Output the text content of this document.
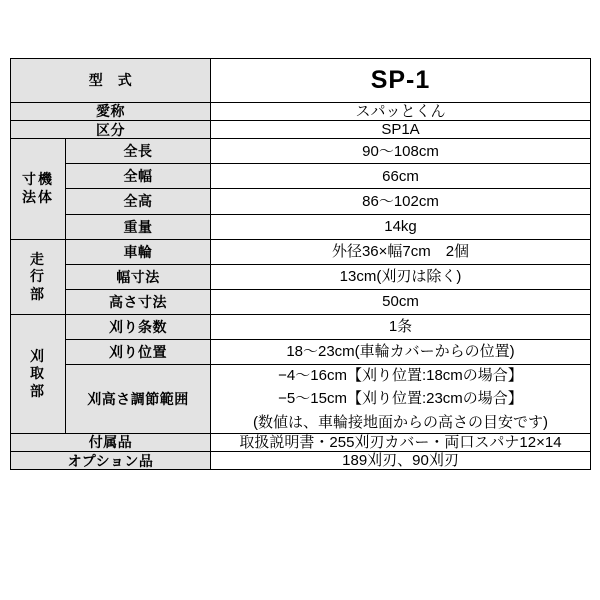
型　式		SP-1
愛称		スパッとくん
区分		SP1A

寸機
法体	全長	90〜108cm
	全幅	66cm
	全高	86〜102cm
	重量	14kg

走
行
部	車輪	外径36×幅7cm　2個
	幅寸法	13cm(刈刃は除く)
	高さ寸法	50cm

刈
取
部	刈り条数	1条
	刈り位置	18〜23cm(車輪カバーからの位置)
	刈高さ調節範囲	−4〜16cm【刈り位置:18cmの場合】
−5〜15cm【刈り位置:23cmの場合】
(数値は、車輪接地面からの高さの目安です)

付属品		取扱説明書・255刈刃カバー・両口スパナ12×14
オプション品		189刈刃、90刈刃
